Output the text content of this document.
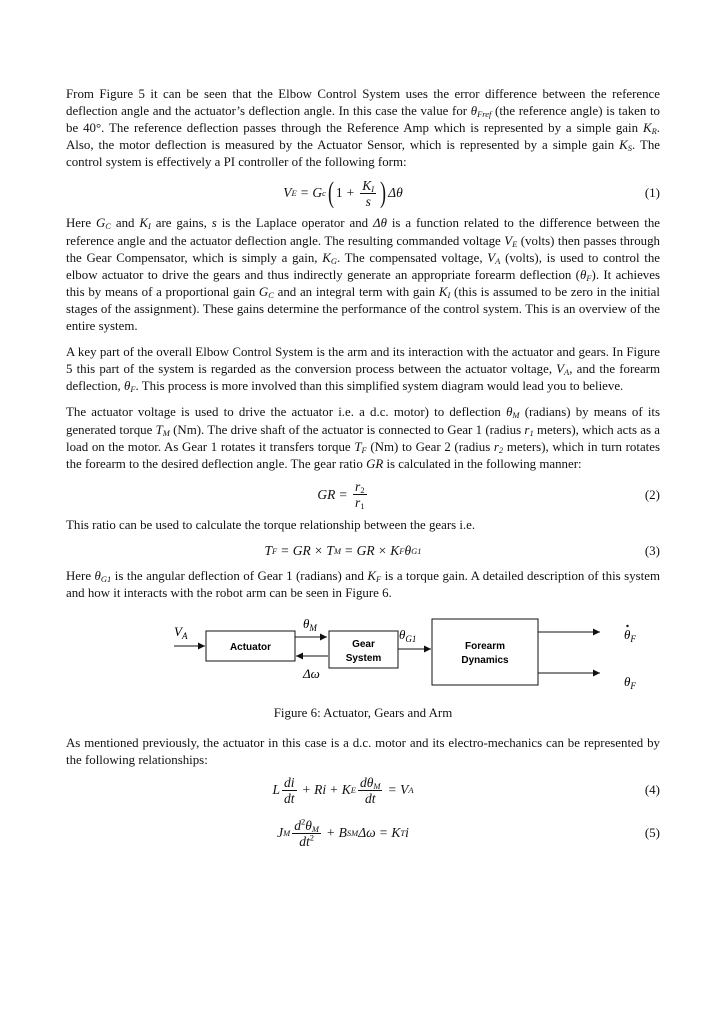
From Figure 5 it can be seen that the Elbow Control System uses the error difference between the reference deflection angle and the actuator’s deflection angle. In this case the value for $\theta_{Fref}$ (the reference angle) is taken to be 40°. The reference deflection passes through the Reference Amp which is represented by a simple gain $K_R$. Also, the motor deflection is measured by the Actuator Sensor, which is represented by a simple gain $K_S$. The control system is effectively a PI controller of the following form:

V E = G c ( $1 + \frac{K_I}{s}$ ) Δθ	(1)

Here $G_C$ and $K_I$ are gains, s is the Laplace operator and Δθ is a function related to the difference between the reference angle and the actuator deflection angle. The resulting commanded voltage $V_E$ (volts) then passes through the Gear Compensator, which is simply a gain, $K_G$. The compensated voltage, $V_A$ (volts), is used to control the elbow actuator to drive the gears and thus indirectly generate an appropriate forearm deflection $(\theta_F)$. It achieves this by means of a proportional gain $G_C$ and an integral term with gain $K_I$ (this is assumed to be zero in the initial stages of the assignment). These gains determine the performance of the control system. This is an overview of the entire system.

A key part of the overall Elbow Control System is the arm and its interaction with the actuator and gears. In Figure 5 this part of the system is regarded as the conversion process between the actuator voltage, $V_A$, and the forearm deflection, $\theta_F$. This process is more involved than this simplified system diagram would lead you to believe.

The actuator voltage is used to drive the actuator i.e. a d.c. motor) to deflection $\theta_M$ (radians) by means of its generated torque $T_M$ (Nm). The drive shaft of the actuator is connected to Gear 1 (radius $r_1$ meters), which acts as a load on the motor. As Gear 1 rotates it transfers torque $T_F$ (Nm) to Gear 2 (radius $r_2$ meters), which in turn rotates the forearm to the desired deflection angle. The gear ratio GR is calculated in the following manner:

GR = $\frac{r_2}{r_1}$	(2)

This ratio can be used to calculate the torque relationship between the gears i.e.

T F = GR × T M = GR × K F θ G1	(3)

Here $\theta_{G1}$ is the angular deflection of Gear 1 (radians) and $K_F$ is a torque gain. A detailed description of this system and how it interacts with the robot arm can be seen in Figure 6.

$V_A$
Actuator
$\theta_M$
Δω
Gear
System
$\theta_{G1}$
Forearm
Dynamics
$\theta_F$
$\theta_F$
Figure 6: Actuator, Gears and Arm

As mentioned previously, the actuator in this case is a d.c. motor and its electro-mechanics can be represented by the following relationships:

L $\frac{di}{dt} + Ri + K$ E $\frac{d\theta_M}{dt} = V$ A	(4)
J M $\frac{d^2\theta_M}{dt^2} + B$ SM Δω = K T i	(5)
